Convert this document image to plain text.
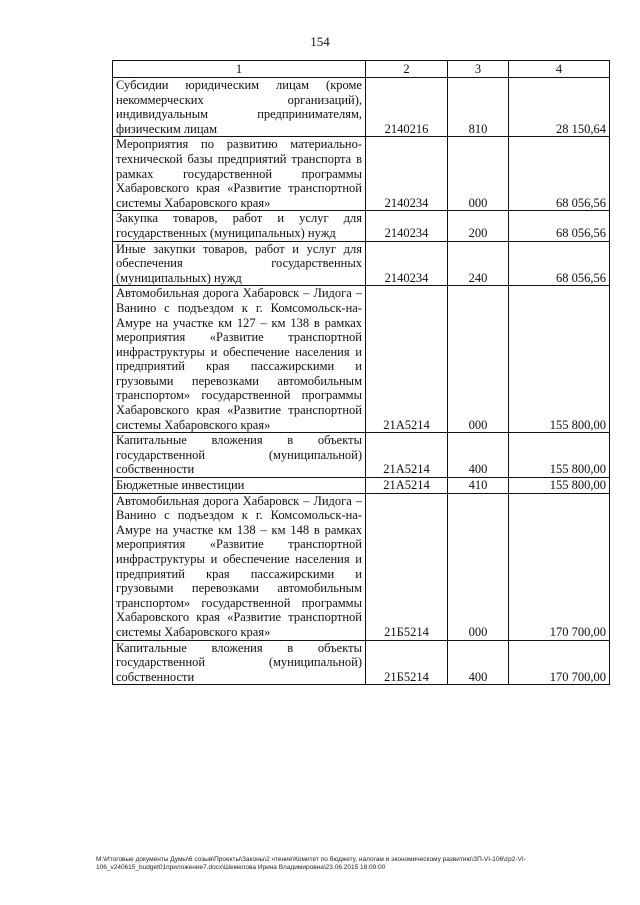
154
1	2	3	4
Субсидии юридическим лицам (кроме некоммерческих организаций), индивидуальным предпринимателям, физическим лицам	2140216	810	28 150,64
Мероприятия по развитию материально-технической базы предприятий транспорта в рамках государственной программы Хабаровского края «Развитие транспортной системы Хабаровского края»	2140234	000	68 056,56
Закупка товаров, работ и услуг для государственных (муниципальных) нужд	2140234	200	68 056,56
Иные закупки товаров, работ и услуг для обеспечения государственных (муниципальных) нужд	2140234	240	68 056,56
Автомобильная дорога Хабаровск – Лидога – Ванино с подъездом к г. Комсомольск-на-Амуре на участке км 127 – км 138 в рамках мероприятия «Развитие транспортной инфраструктуры и обеспечение населения и предприятий края пассажирскими и грузовыми перевозками автомобильным транспортом» государственной программы Хабаровского края «Развитие транспортной системы Хабаровского края»	21А5214	000	155 800,00
Капитальные вложения в объекты государственной (муниципальной) собственности	21А5214	400	155 800,00
Бюджетные инвестиции	21А5214	410	155 800,00
Автомобильная дорога Хабаровск – Лидога – Ванино с подъездом к г. Комсомольск-на-Амуре на участке км 138 – км 148 в рамках мероприятия «Развитие транспортной инфраструктуры и обеспечение населения и предприятий края пассажирскими и грузовыми перевозками автомобильным транспортом» государственной программы Хабаровского края «Развитие транспортной системы Хабаровского края»	21Б5214	000	170 700,00
Капитальные вложения в объекты государственной (муниципальной) собственности	21Б5214	400	170 700,00
M:\Итоговые документы Думы\6 созыв\Проекты\Законы\2 чтение\Комитет по бюджету, налогам и экономическому развитию\ЗП-VI-106\zp2-VI-
106_v240615_budget01приложение7.docx\Шемелова Ирина Владимировна\23.06.2015 18:09:00
